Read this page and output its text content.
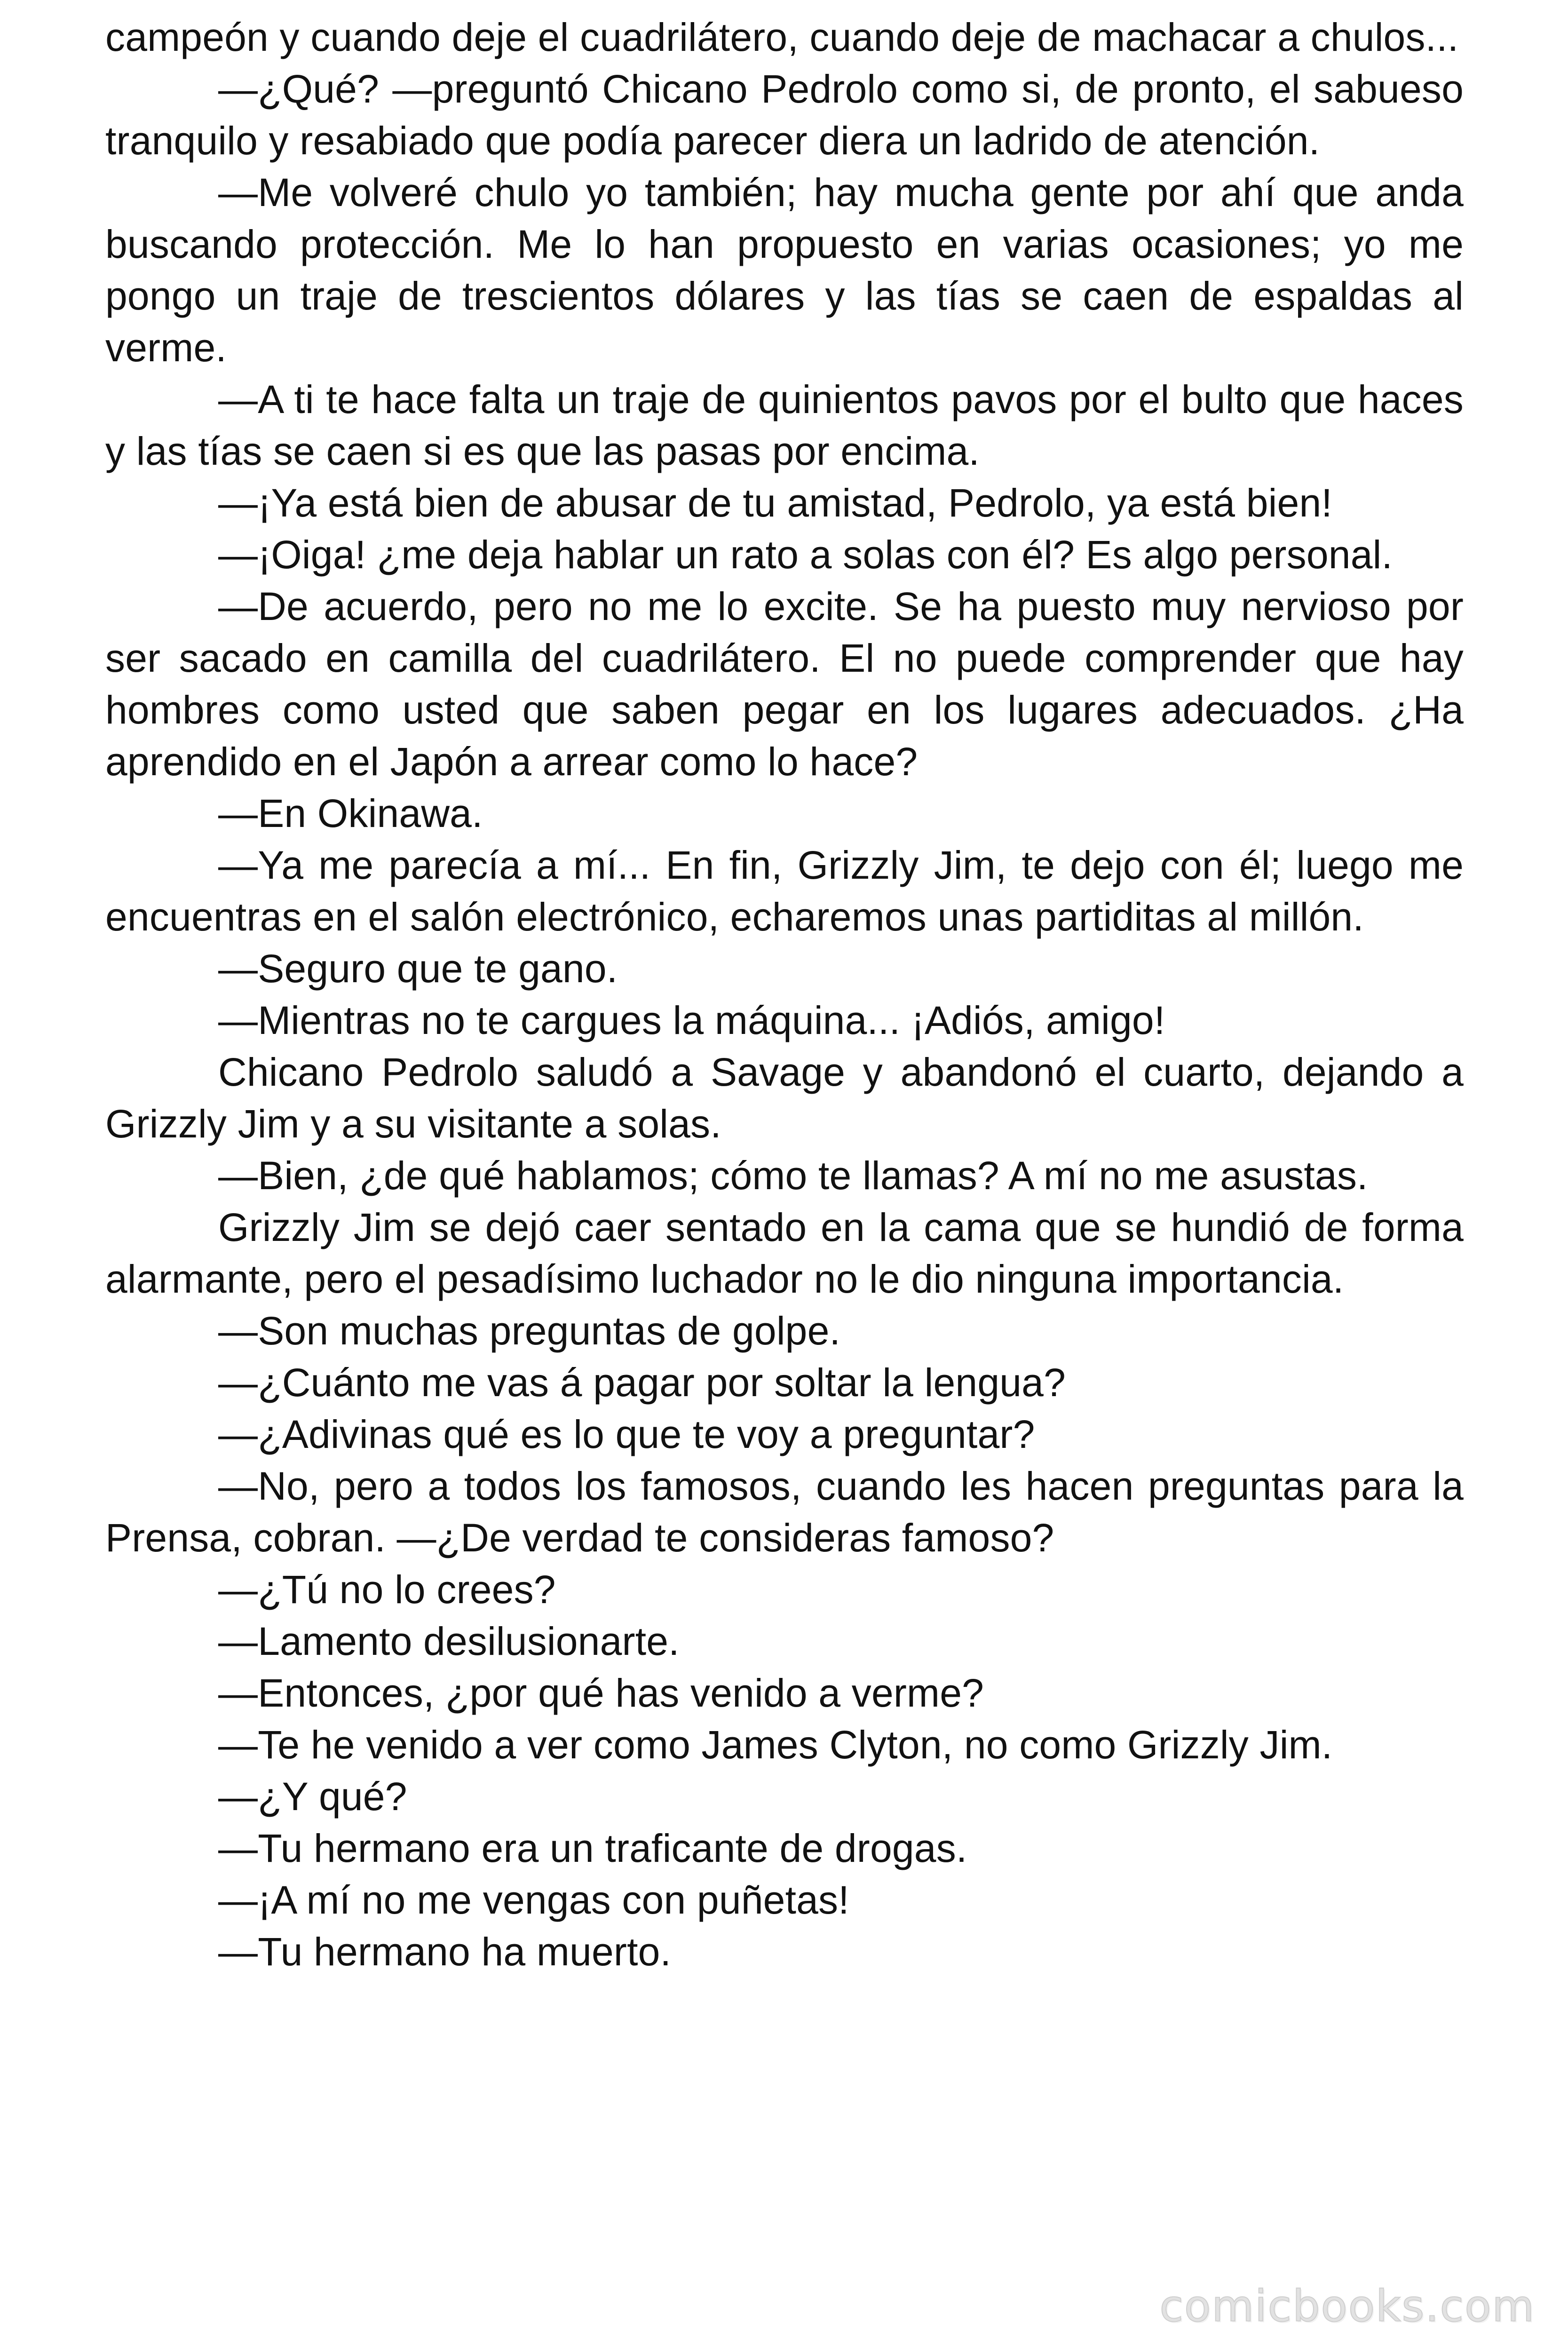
campeón y cuando deje el cuadrilátero, cuando deje de machacar a chulos...

—¿Qué? —preguntó Chicano Pedrolo como si, de pronto, el sabueso tranquilo y resabiado que podía parecer diera un ladrido de atención.

—Me volveré chulo yo también; hay mucha gente por ahí que anda buscando protección. Me lo han propuesto en varias ocasiones; yo me pongo un traje de trescientos dólares y las tías se caen de espaldas al verme.

—A ti te hace falta un traje de quinientos pavos por el bulto que haces y las tías se caen si es que las pasas por encima.

—¡Ya está bien de abusar de tu amistad, Pedrolo, ya está bien!

—¡Oiga! ¿me deja hablar un rato a solas con él? Es algo personal.

—De acuerdo, pero no me lo excite. Se ha puesto muy nervioso por ser sacado en camilla del cuadrilátero. El no puede comprender que hay hombres como usted que saben pegar en los lugares adecuados. ¿Ha aprendido en el Japón a arrear como lo hace?

—En Okinawa.

—Ya me parecía a mí... En fin, Grizzly Jim, te dejo con él; luego me encuentras en el salón electrónico, echaremos unas partiditas al millón.

—Seguro que te gano.

—Mientras no te cargues la máquina... ¡Adiós, amigo!

Chicano Pedrolo saludó a Savage y abandonó el cuarto, dejando a Grizzly Jim y a su visitante a solas.

—Bien, ¿de qué hablamos; cómo te llamas? A mí no me asustas.

Grizzly Jim se dejó caer sentado en la cama que se hundió de forma alarmante, pero el pesadísimo luchador no le dio ninguna importancia.

—Son muchas preguntas de golpe.

—¿Cuánto me vas á pagar por soltar la lengua?

—¿Adivinas qué es lo que te voy a preguntar?

—No, pero a todos los famosos, cuando les hacen preguntas para la Prensa, cobran. —¿De verdad te consideras famoso?

—¿Tú no lo crees?

—Lamento desilusionarte.

—Entonces, ¿por qué has venido a verme?

—Te he venido a ver como James Clyton, no como Grizzly Jim.

—¿Y qué?

—Tu hermano era un traficante de drogas.

—¡A mí no me vengas con puñetas!

—Tu hermano ha muerto.

comicbooks.com
